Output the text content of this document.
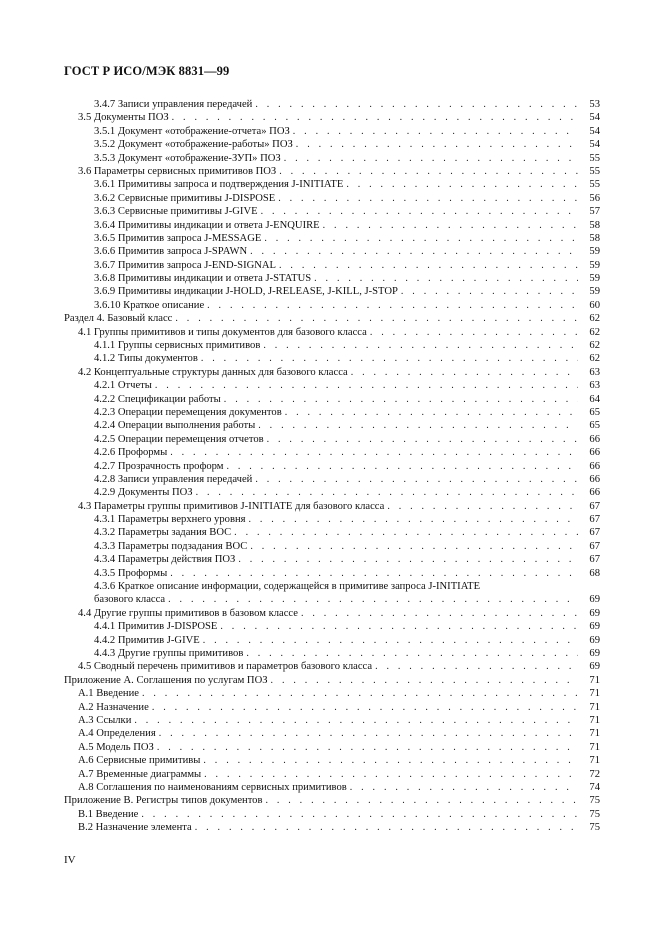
ГОСТ Р ИСО/МЭК 8831—99
3.4.7 Записи управления передачей . . .	53
3.5 Документы ПОЗ . . .	54
3.5.1 Документ «отображение-отчета» ПОЗ . . .	54
3.5.2 Документ «отображение-работы» ПОЗ . . .	54
3.5.3 Документ «отображение-ЗУП» ПОЗ . . .	55
3.6 Параметры сервисных примитивов ПОЗ . . .	55
3.6.1 Примитивы запроса и подтверждения J-INITIATE . . .	55
3.6.2 Сервисные примитивы J-DISPOSE . . .	56
3.6.3 Сервисные примитивы J-GIVE . . .	57
3.6.4 Примитивы индикации и ответа J-ENQUIRE . . .	58
3.6.5 Примитив запроса J-MESSAGE . . .	58
3.6.6 Примитив запроса J-SPAWN . . .	59
3.6.7 Примитив запроса J-END-SIGNAL . . .	59
3.6.8 Примитивы индикации и ответа J-STATUS . . .	59
3.6.9 Примитивы индикации J-HOLD, J-RELEASE, J-KILL, J-STOP . . .	59
3.6.10 Краткое описание . . .	60
Раздел 4. Базовый класс . . .	62
4.1 Группы примитивов и типы документов для базового класса . . .	62
4.1.1 Группы сервисных примитивов . . .	62
4.1.2 Типы документов . . .	62
4.2 Концептуальные структуры данных для базового класса . . .	63
4.2.1 Отчеты . . .	63
4.2.2 Спецификации работы . . .	64
4.2.3 Операции перемещения документов . . .	65
4.2.4 Операции выполнения работы . . .	65
4.2.5 Операции перемещения отчетов . . .	66
4.2.6 Проформы . . .	66
4.2.7 Прозрачность проформ . . .	66
4.2.8 Записи управления передачей . . .	66
4.2.9 Документы ПОЗ . . .	66
4.3 Параметры группы примитивов J-INITIATE для базового класса . . .	67
4.3.1 Параметры верхнего уровня . . .	67
4.3.2 Параметры задания ВОС . . .	67
4.3.3 Параметры подзадания ВОС . . .	67
4.3.4 Параметры действия ПОЗ . . .	67
4.3.5 Проформы . . .	68
4.3.6 Краткое описание информации, содержащейся в примитиве запроса J-INITIATE
базового класса . . .	69
4.4 Другие группы примитивов в базовом классе . . .	69
4.4.1 Примитив J-DISPOSE . . .	69
4.4.2 Примитив J-GIVE . . .	69
4.4.3 Другие группы примитивов . . .	69
4.5 Сводный перечень примитивов и параметров базового класса . . .	69
Приложение А. Соглашения по услугам ПОЗ . . .	71
А.1 Введение . . .	71
А.2 Назначение . . .	71
А.3 Ссылки . . .	71
А.4 Определения . . .	71
А.5 Модель ПОЗ . . .	71
А.6 Сервисные примитивы . . .	71
А.7 Временные диаграммы . . .	72
А.8 Соглашения по наименованиям сервисных примитивов . . .	74
Приложение В. Регистры типов документов . . .	75
В.1 Введение . . .	75
В.2 Назначение элемента . . .	75
IV
